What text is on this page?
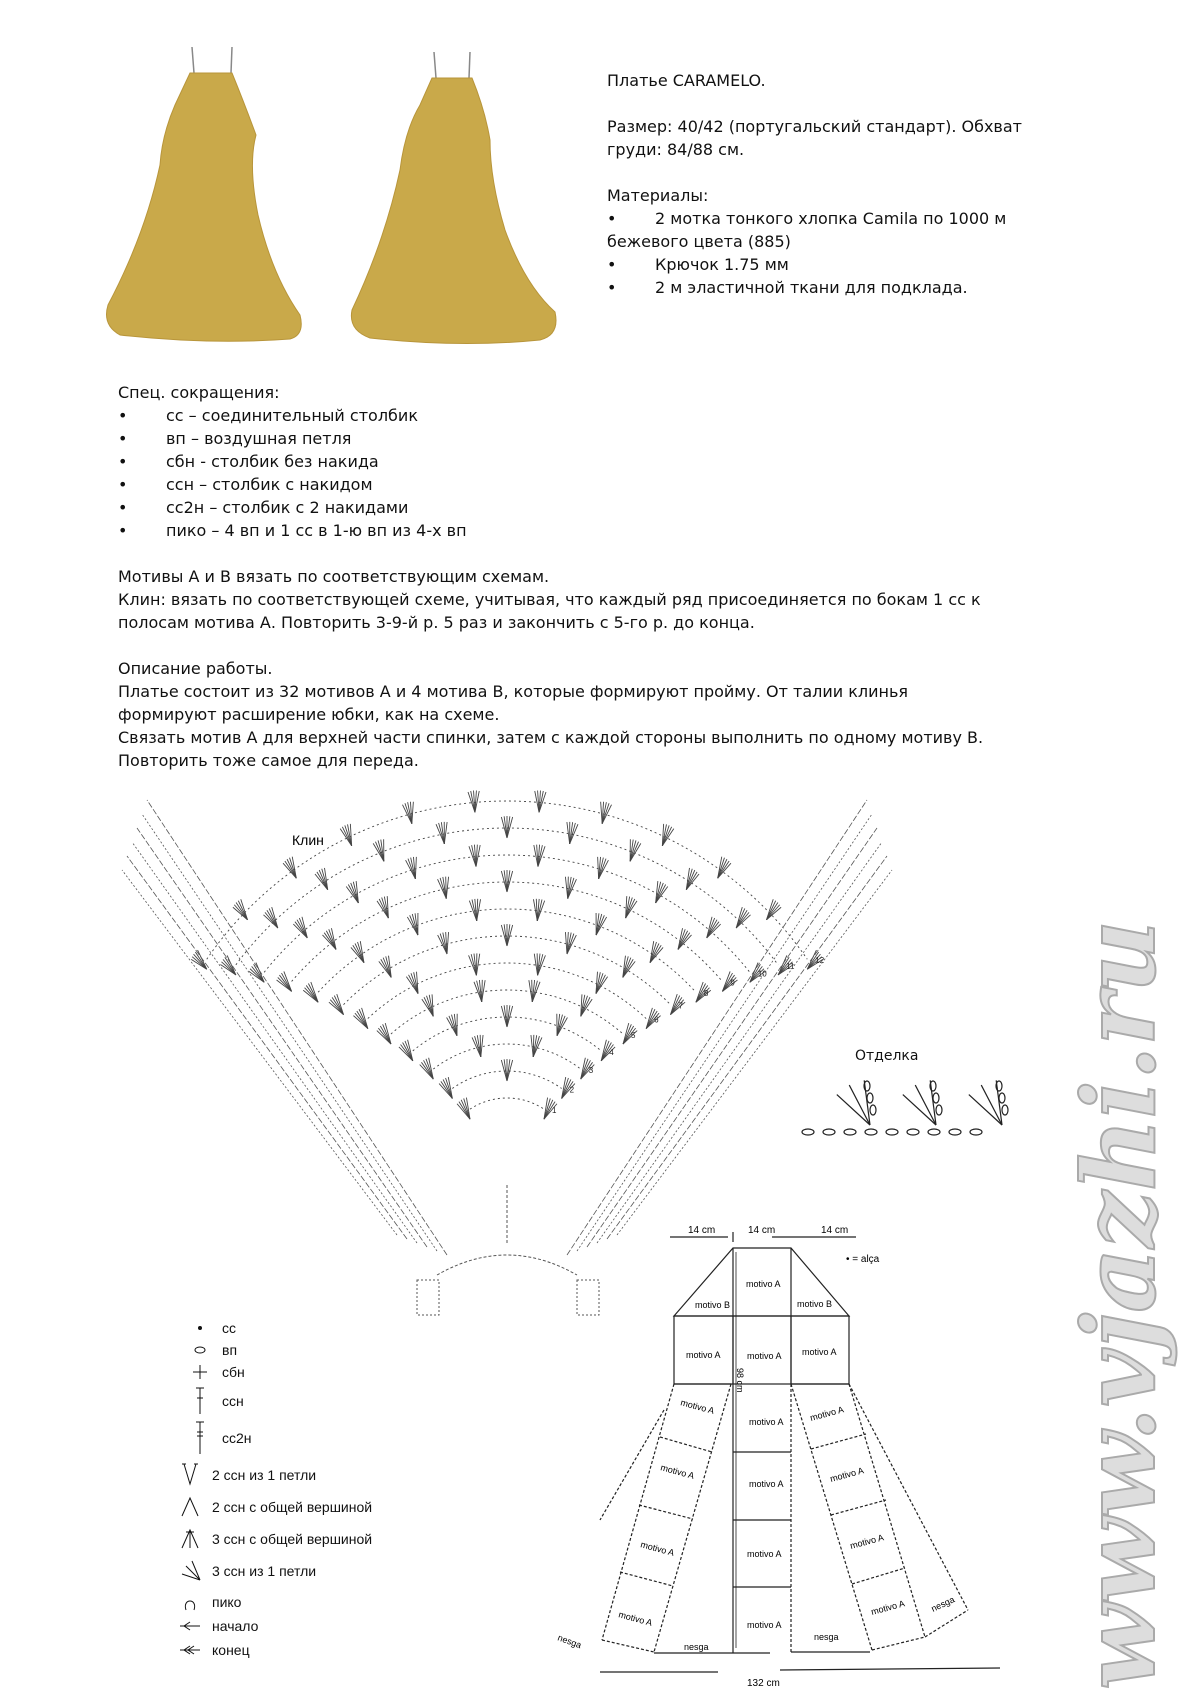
Платье CARAMELO.
Размер: 40/42 (португальский стандарт). Обхват
груди: 84/88 см.
Материалы:
•	2 мотка тонкого хлопка Camila по 1000 м
бежевого цвета (885)
•	Крючок 1.75 мм
•	2 м эластичной ткани для подклада.
Спец. сокращения:
•	сс – соединительный столбик
•	вп – воздушная петля
•	сбн - столбик без накида
•	ссн – столбик с накидом
•	сс2н – столбик с 2 накидами
•	пико – 4 вп и 1 сс в 1-ю вп из 4-х вп
Мотивы А и В вязать по соответствующим схемам.
Клин: вязать по соответствующей схеме, учитывая, что каждый ряд присоединяется по бокам 1 сс к
полосам мотива А. Повторить 3-9-й р. 5 раз и закончить с 5-го р. до конца.
Описание работы.
Платье состоит из 32 мотивов А и 4 мотива В, которые формируют пройму. От талии клинья
формируют расширение юбки, как на схеме.
Связать мотив А для верхней части спинки, затем с каждой стороны выполнить по одному мотиву В.
Повторить тоже самое для переда.
Клин
1
2
3
4
5
6
7
8
9
10
11
12
Отделка
сс
вп
сбн
ссн
сс2н
2 ссн из 1 петли
2 ссн с общей вершиной
3 ссн с общей вершиной
3 ссн из 1 петли
пико
начало
конец
14 cm	14 cm	14 cm
• = alça
motivo A
motivo B	motivo B
motivo A	motivo A motivo A
motivo A
motivo A
motivo A
motivo A
motivo A
motivo A
motivo A
motivo A
motivo A
motivo A
motivo A
motivo A
nesga
nesga
nesga
nesga
98 cm
132 cm	www.vjazhi.ru
